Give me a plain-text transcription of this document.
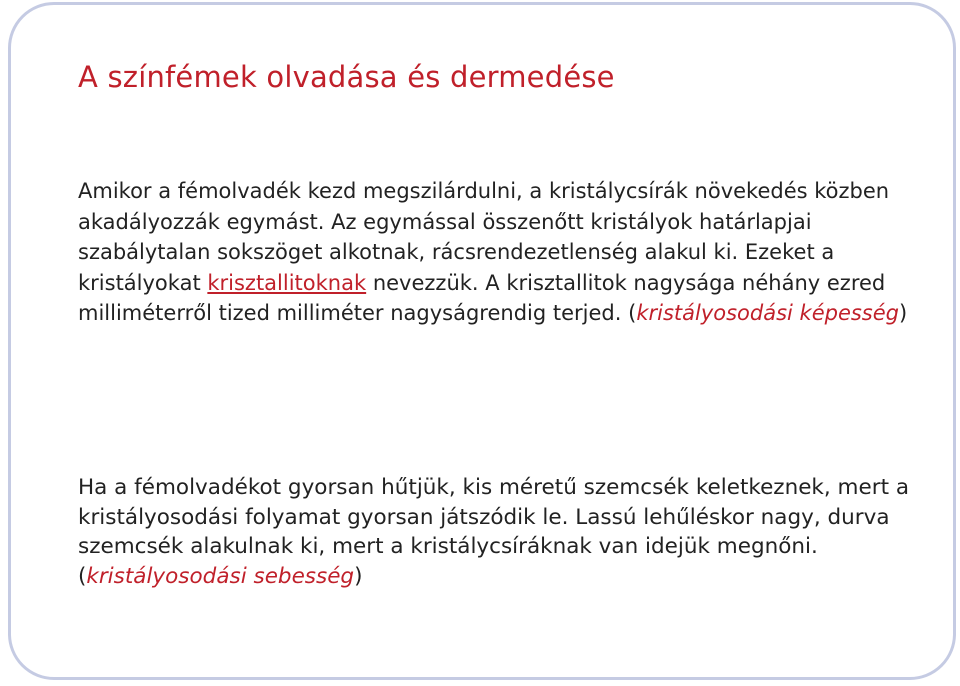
A színfémek olvadása és dermedése

Amikor a fémolvadék kezd megszilárdulni, a kristálycsírák növekedés közben akadályozzák egymást. Az egymással összenőtt kristályok határlapjai szabálytalan sokszöget alkotnak, rácsrendezetlenség alakul ki. Ezeket a kristályokat krisztallitoknak nevezzük. A krisztallitok nagysága néhány ezred milliméterről tized milliméter nagyságrendig terjed. (kristályosodási képesség)

Ha a fémolvadékot gyorsan hűtjük, kis méretű szemcsék keletkeznek, mert a kristályosodási folyamat gyorsan játszódik le. Lassú lehűléskor nagy, durva szemcsék alakulnak ki, mert a kristálycsíráknak van idejük megnőni. (kristályosodási sebesség)
